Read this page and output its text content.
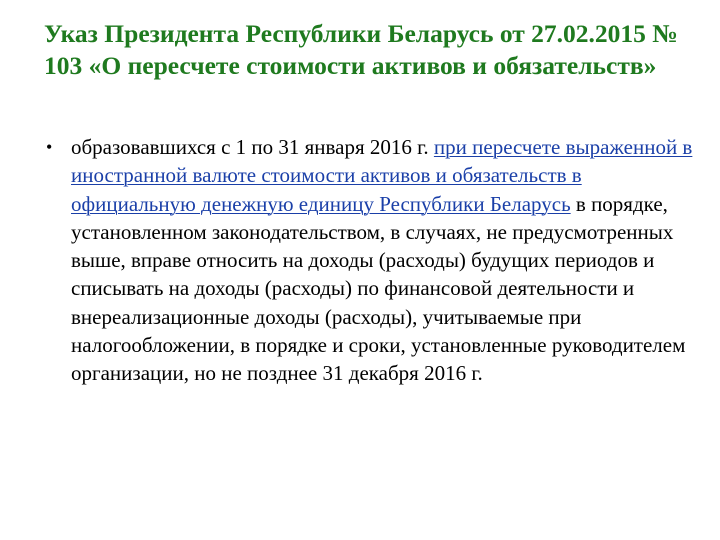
Указ Президента Республики Беларусь от 27.02.2015 № 103 «О пересчете стоимости активов и обязательств»
• образовавшихся с 1 по 31 января 2016 г. при пересчете выраженной в иностранной валюте стоимости активов и обязательств в официальную денежную единицу Республики Беларусь в порядке, установленном законодательством, в случаях, не предусмотренных выше, вправе относить на доходы (расходы) будущих периодов и списывать на доходы (расходы) по финансовой деятельности и внереализационные доходы (расходы), учитываемые при налогообложении, в порядке и сроки, установленные руководителем организации, но не позднее 31 декабря 2016 г.
